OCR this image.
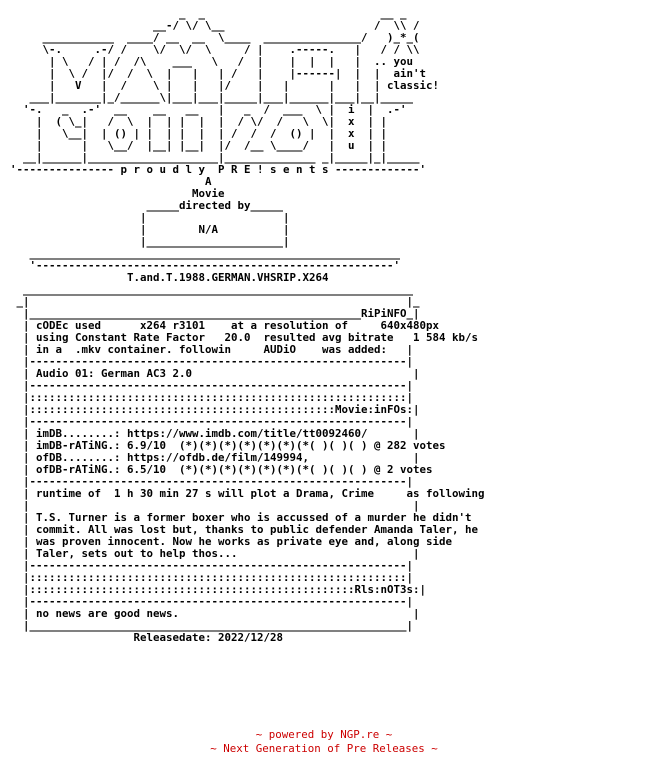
_  _                           __ _
__-/ \/ \__                       /  \\ /
___________  ____/ __  __  \____  _______________/   )_*_(
\-.     .-/ /    \/  \/  \     / |    .-----.   |   / / \\
| \   / | /  /\    ___   \   /  |    |  |  |   |  .. you
|  \ /  |/  /  \  |   |   | /   |    |------|  |  |  ain't
|   V   |  /    \ |   |   |/    |   |      |   |  | classic!
___|_______|_/______\|___|___|_____|___|______|___|__|_____
'-.   _  .-'  __    __   __   |   _  /  ___  \ |  i  |  .-'
|  ( \_|   /  \  |  | |  |  |  / \/  /   \  \|  x  | |
|   \__|  | () | |  | |  |  | /  /  /  () |  |  x  | |
|      |   \__/  |__| |__|  |/  /__ \____/   |  u  | |
__|______|____________________|______________ _|_____|_|_____
'--------------- p r o u d l y  P R E ! s e n t s -------------'
A
Movie
_____directed by_____
|                     |
|        N/A          |
|_____________________|
_________________________________________________________
'-------------------------------------------------------'
T.and.T.1988.GERMAN.VHSRIP.X264
____________________________________________________________
_|                                                          |_
|___________________________________________________RiPiNFO_|
| cODEc used      x264 r3101    at a resolution of     640x480px
| using Constant Rate Factor   20.0  resulted avg bitrate   1 584 kb/s
| in a  .mkv container. followin     AUDiO    was added:   |
|----------------------------------------------------------|
| Audio 01: German AC3 2.0                                  |
|----------------------------------------------------------|
|::::::::::::::::::::::::::::::::::::::::::::::::::::::::::|
|:::::::::::::::::::::::::::::::::::::::::::::::Movie:inFOs:|
|----------------------------------------------------------|
| imDB........: https://www.imdb.com/title/tt0092460/       |
| imDB-rATiNG.: 6.9/10  (*)(*)(*)(*)(*)(*)(*( )( )( ) @ 282 votes
| ofDB........: https://ofdb.de/film/149994,                |
| ofDB-rATiNG.: 6.5/10  (*)(*)(*)(*)(*)(*)(*( )( )( ) @ 2 votes
|----------------------------------------------------------|
| runtime of  1 h 30 min 27 s will plot a Drama, Crime     as following
|                                                           |
| T.S. Turner is a former boxer who is accussed of a murder he didn't
| commit. All was lost but, thanks to public defender Amanda Taler, he
| was proven innocent. Now he works as private eye and, along side
| Taler, sets out to help thos...                           |
|----------------------------------------------------------|
|::::::::::::::::::::::::::::::::::::::::::::::::::::::::::|
|::::::::::::::::::::::::::::::::::::::::::::::::::Rls:nOT3s:|
|----------------------------------------------------------|
| no news are good news.                                    |
|__________________________________________________________|
Releasedate: 2022/12/28
~ powered by NGP.re ~
~ Next Generation of Pre Releases ~
